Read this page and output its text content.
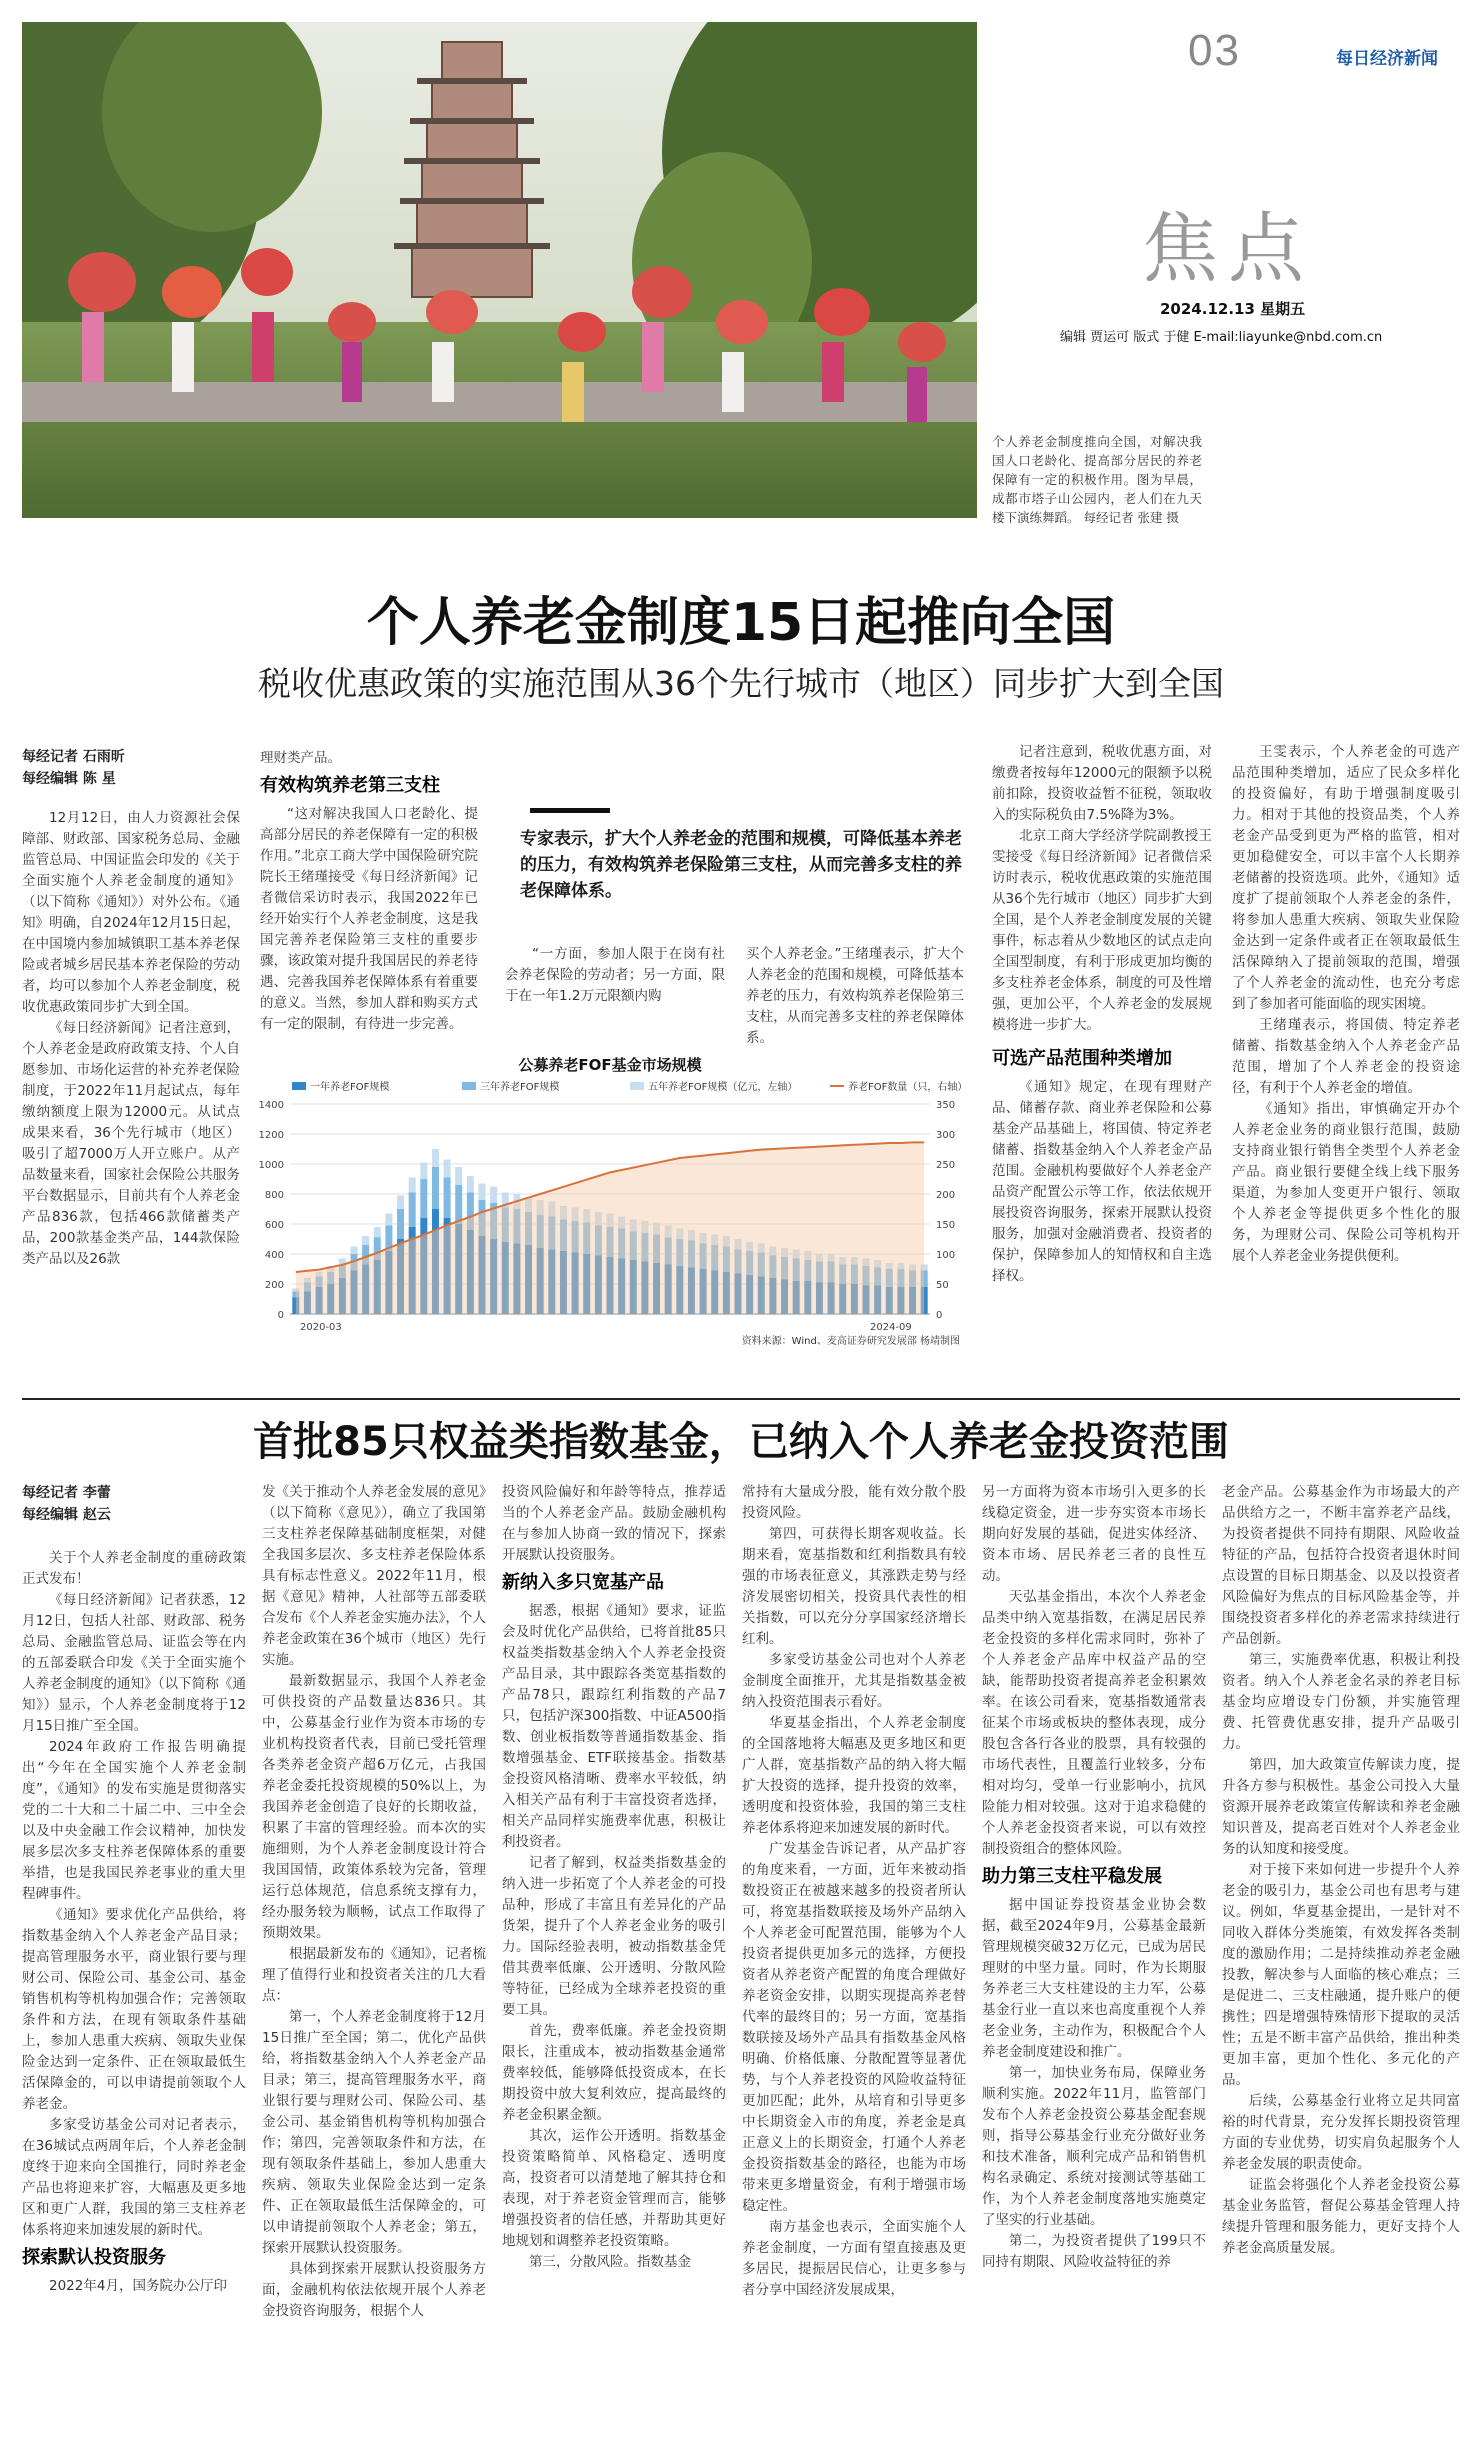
03	每日经济新闻
焦点
2024.12.13 星期五
编辑 贾运可 版式 于健 E-mail:liayunke@nbd.com.cn
个人养老金制度推向全国，对解决我国人口老龄化、提高部分居民的养老保障有一定的积极作用。图为早晨，成都市塔子山公园内，老人们在九天楼下演练舞蹈。 每经记者 张建 摄
个人养老金制度15日起推向全国
税收优惠政策的实施范围从36个先行城市（地区）同步扩大到全国
每经记者 石雨昕
每经编辑 陈 星

12月12日，由人力资源社会保障部、财政部、国家税务总局、金融监管总局、中国证监会印发的《关于全面实施个人养老金制度的通知》（以下简称《通知》）对外公布。《通知》明确，自2024年12月15日起，在中国境内参加城镇职工基本养老保险或者城乡居民基本养老保险的劳动者，均可以参加个人养老金制度，税收优惠政策同步扩大到全国。

《每日经济新闻》记者注意到，个人养老金是政府政策支持、个人自愿参加、市场化运营的补充养老保险制度，于2022年11月起试点，每年缴纳额度上限为12000元。从试点成果来看，36个先行城市（地区）吸引了超7000万人开立账户。从产品数量来看，国家社会保险公共服务平台数据显示，目前共有个人养老金产品836款，包括466款储蓄类产品，200款基金类产品，144款保险类产品以及26款

理财类产品。

有效构筑养老第三支柱

“这对解决我国人口老龄化、提高部分居民的养老保障有一定的积极作用。”北京工商大学中国保险研究院院长王绪瑾接受《每日经济新闻》记者微信采访时表示，我国2022年已经开始实行个人养老金制度，这是我国完善养老保险第三支柱的重要步骤，该政策对提升我国居民的养老待遇、完善我国养老保障体系有着重要的意义。当然，参加人群和购买方式有一定的限制，有待进一步完善。

专家表示，扩大个人养老金的范围和规模，可降低基本养老的压力，有效构筑养老保险第三支柱，从而完善多支柱的养老保障体系。

“一方面，参加人限于在岗有社会养老保险的劳动者；另一方面，限于在一年1.2万元限额内购

买个人养老金。”王绪瑾表示，扩大个人养老金的范围和规模，可降低基本养老的压力，有效构筑养老保险第三支柱，从而完善多支柱的养老保障体系。

记者注意到，税收优惠方面，对缴费者按每年12000元的限额予以税前扣除，投资收益暂不征税，领取收入的实际税负由7.5%降为3%。

北京工商大学经济学院副教授王雯接受《每日经济新闻》记者微信采访时表示，税收优惠政策的实施范围从36个先行城市（地区）同步扩大到全国，是个人养老金制度发展的关键事件，标志着从少数地区的试点走向全国型制度，有利于形成更加均衡的多支柱养老金体系，制度的可及性增强，更加公平，个人养老金的发展规模将进一步扩大。

可选产品范围种类增加

《通知》规定，在现有理财产品、储蓄存款、商业养老保险和公募基金产品基础上，将国债、特定养老储蓄、指数基金纳入个人养老金产品范围。金融机构要做好个人养老金产品资产配置公示等工作，依法依规开展投资咨询服务，探索开展默认投资服务，加强对金融消费者、投资者的保护，保障参加人的知情权和自主选择权。

王雯表示，个人养老金的可选产品范围种类增加，适应了民众多样化的投资偏好，有助于增强制度吸引力。相对于其他的投资品类，个人养老金产品受到更为严格的监管，相对更加稳健安全，可以丰富个人长期养老储蓄的投资选项。此外，《通知》适度扩了提前领取个人养老金的条件，将参加人患重大疾病、领取失业保险金达到一定条件或者正在领取最低生活保障纳入了提前领取的范围，增强了个人养老金的流动性，也充分考虑到了参加者可能面临的现实困境。

王绪瑾表示，将国债、特定养老储蓄、指数基金纳入个人养老金产品范围，增加了个人养老金的投资途径，有利于个人养老金的增值。

《通知》指出，审慎确定开办个人养老金业务的商业银行范围，鼓励支持商业银行销售全类型个人养老金产品。商业银行要健全线上线下服务渠道，为参加人变更开户银行、领取个人养老金等提供更多个性化的服务，为理财公司、保险公司等机构开展个人养老金业务提供便利。

公募养老FOF基金市场规模
一年养老FOF规模	三年养老FOF规模	五年养老FOF规模（亿元，左轴）	养老FOF数量（只，右轴）
1400
1200
1000
800
600
400
200
0
350
300
250
200
150
100
50
0
2020-03	2024-09
资料来源：Wind、麦高证券研究发展部 杨靖制图
首批85只权益类指数基金，已纳入个人养老金投资范围
每经记者 李蕾
每经编辑 赵云

关于个人养老金制度的重磅政策正式发布！

《每日经济新闻》记者获悉，12月12日，包括人社部、财政部、税务总局、金融监管总局、证监会等在内的五部委联合印发《关于全面实施个人养老金制度的通知》（以下简称《通知》）显示，个人养老金制度将于12月15日推广至全国。

2024年政府工作报告明确提出“今年在全国实施个人养老金制度”，《通知》的发布实施是贯彻落实党的二十大和二十届二中、三中全会以及中央金融工作会议精神，加快发展多层次多支柱养老保障体系的重要举措，也是我国民养老事业的重大里程碑事件。

《通知》要求优化产品供给，将指数基金纳入个人养老金产品目录；提高管理服务水平，商业银行要与理财公司、保险公司、基金公司、基金销售机构等机构加强合作；完善领取条件和方法，在现有领取条件基础上，参加人患重大疾病、领取失业保险金达到一定条件、正在领取最低生活保障金的，可以申请提前领取个人养老金。

多家受访基金公司对记者表示，在36城试点两周年后，个人养老金制度终于迎来向全国推行，同时养老金产品也将迎来扩容，大幅惠及更多地区和更广人群，我国的第三支柱养老体系将迎来加速发展的新时代。

探索默认投资服务

2022年4月，国务院办公厅印

发《关于推动个人养老金发展的意见》（以下简称《意见》），确立了我国第三支柱养老保障基础制度框架，对健全我国多层次、多支柱养老保险体系具有标志性意义。2022年11月，根据《意见》精神，人社部等五部委联合发布《个人养老金实施办法》，个人养老金政策在36个城市（地区）先行实施。

最新数据显示，我国个人养老金可供投资的产品数量达836只。其中，公募基金行业作为资本市场的专业机构投资者代表，目前已受托管理各类养老金资产超6万亿元，占我国养老金委托投资规模的50%以上，为我国养老金创造了良好的长期收益，积累了丰富的管理经验。而本次的实施细则，为个人养老金制度设计符合我国国情，政策体系较为完备，管理运行总体规范，信息系统支撑有力，经办服务较为顺畅，试点工作取得了预期效果。

根据最新发布的《通知》，记者梳理了值得行业和投资者关注的几大看点：

第一，个人养老金制度将于12月15日推广至全国；第二，优化产品供给，将指数基金纳入个人养老金产品目录；第三，提高管理服务水平，商业银行要与理财公司、保险公司、基金公司、基金销售机构等机构加强合作；第四，完善领取条件和方法，在现有领取条件基础上，参加人患重大疾病、领取失业保险金达到一定条件、正在领取最低生活保障金的，可以申请提前领取个人养老金；第五，探索开展默认投资服务。

具体到探索开展默认投资服务方面，金融机构依法依规开展个人养老金投资咨询服务，根据个人

投资风险偏好和年龄等特点，推荐适当的个人养老金产品。鼓励金融机构在与参加人协商一致的情况下，探索开展默认投资服务。

新纳入多只宽基产品

据悉，根据《通知》要求，证监会及时优化产品供给，已将首批85只权益类指数基金纳入个人养老金投资产品目录，其中跟踪各类宽基指数的产品78只，跟踪红利指数的产品7只，包括沪深300指数、中证A500指数、创业板指数等普通指数基金、指数增强基金、ETF联接基金。指数基金投资风格清晰、费率水平较低，纳入相关产品有利于丰富投资者选择，相关产品同样实施费率优惠，积极让利投资者。

记者了解到，权益类指数基金的纳入进一步拓宽了个人养老金的可投品种，形成了丰富且有差异化的产品货架，提升了个人养老金业务的吸引力。国际经验表明，被动指数基金凭借其费率低廉、公开透明、分散风险等特征，已经成为全球养老投资的重要工具。

首先，费率低廉。养老金投资期限长，注重成本，被动指数基金通常费率较低，能够降低投资成本，在长期投资中放大复利效应，提高最终的养老金积累金额。

其次，运作公开透明。指数基金投资策略简单、风格稳定、透明度高，投资者可以清楚地了解其持仓和表现，对于养老资金管理而言，能够增强投资者的信任感，并帮助其更好地规划和调整养老投资策略。

第三，分散风险。指数基金

常持有大量成分股，能有效分散个股投资风险。

第四，可获得长期客观收益。长期来看，宽基指数和红利指数具有较强的市场表征意义，其涨跌走势与经济发展密切相关，投资具代表性的相关指数，可以充分分享国家经济增长红利。

多家受访基金公司也对个人养老金制度全面推开，尤其是指数基金被纳入投资范围表示看好。

华夏基金指出，个人养老金制度的全国落地将大幅惠及更多地区和更广人群，宽基指数产品的纳入将大幅扩大投资的选择，提升投资的效率，透明度和投资体验，我国的第三支柱养老体系将迎来加速发展的新时代。

广发基金告诉记者，从产品扩容的角度来看，一方面，近年来被动指数投资正在被越来越多的投资者所认可，将宽基指数联接及场外产品纳入个人养老金可配置范围，能够为个人投资者提供更加多元的选择，方便投资者从养老资产配置的角度合理做好养老资金安排，以期实现提高养老替代率的最终目的；另一方面，宽基指数联接及场外产品具有指数基金风格明确、价格低廉、分散配置等显著优势，与个人养老投资的风险收益特征更加匹配；此外，从培育和引导更多中长期资金入市的角度，养老金是真正意义上的长期资金，打通个人养老金投资指数基金的路径，也能为市场带来更多增量资金，有利于增强市场稳定性。

南方基金也表示，全面实施个人养老金制度，一方面有望直接惠及更多居民，提振居民信心，让更多参与者分享中国经济发展成果，

另一方面将为资本市场引入更多的长线稳定资金，进一步夯实资本市场长期向好发展的基础，促进实体经济、资本市场、居民养老三者的良性互动。

天弘基金指出，本次个人养老金品类中纳入宽基指数，在满足居民养老金投资的多样化需求同时，弥补了个人养老金产品库中权益产品的空缺，能帮助投资者提高养老金积累效率。在该公司看来，宽基指数通常表征某个市场或板块的整体表现，成分股包含各行各业的股票，具有较强的市场代表性，且覆盖行业较多，分布相对均匀，受单一行业影响小，抗风险能力相对较强。这对于追求稳健的个人养老金投资者来说，可以有效控制投资组合的整体风险。

助力第三支柱平稳发展

据中国证券投资基金业协会数据，截至2024年9月，公募基金最新管理规模突破32万亿元，已成为居民理财的中坚力量。同时，作为长期服务养老三大支柱建设的主力军，公募基金行业一直以来也高度重视个人养老金业务，主动作为，积极配合个人养老金制度建设和推广。

第一，加快业务布局，保障业务顺利实施。2022年11月，监管部门发布个人养老金投资公募基金配套规则，指导公募基金行业充分做好业务和技术准备，顺利完成产品和销售机构名录确定、系统对接测试等基础工作，为个人养老金制度落地实施奠定了坚实的行业基础。

第二，为投资者提供了199只不同持有期限、风险收益特征的养

老金产品。公募基金作为市场最大的产品供给方之一，不断丰富养老产品线，为投资者提供不同持有期限、风险收益特征的产品，包括符合投资者退休时间点设置的目标日期基金、以及以投资者风险偏好为焦点的目标风险基金等，并围绕投资者多样化的养老需求持续进行产品创新。

第三，实施费率优惠，积极让利投资者。纳入个人养老金名录的养老目标基金均应增设专门份额，并实施管理费、托管费优惠安排，提升产品吸引力。

第四，加大政策宣传解读力度，提升各方参与积极性。基金公司投入大量资源开展养老政策宣传解读和养老金融知识普及，提高老百姓对个人养老金业务的认知度和接受度。

对于接下来如何进一步提升个人养老金的吸引力，基金公司也有思考与建议。例如，华夏基金提出，一是针对不同收入群体分类施策，有效发挥各类制度的激励作用；二是持续推动养老金融投教，解决参与人面临的核心难点；三是促进二、三支柱融通，提升账户的便携性；四是增强特殊情形下提取的灵活性；五是不断丰富产品供给，推出种类更加丰富，更加个性化、多元化的产品。

后续，公募基金行业将立足共同富裕的时代背景，充分发挥长期投资管理方面的专业优势，切实肩负起服务个人养老金发展的职责使命。

证监会将强化个人养老金投资公募基金业务监管，督促公募基金管理人持续提升管理和服务能力，更好支持个人养老金高质量发展。
